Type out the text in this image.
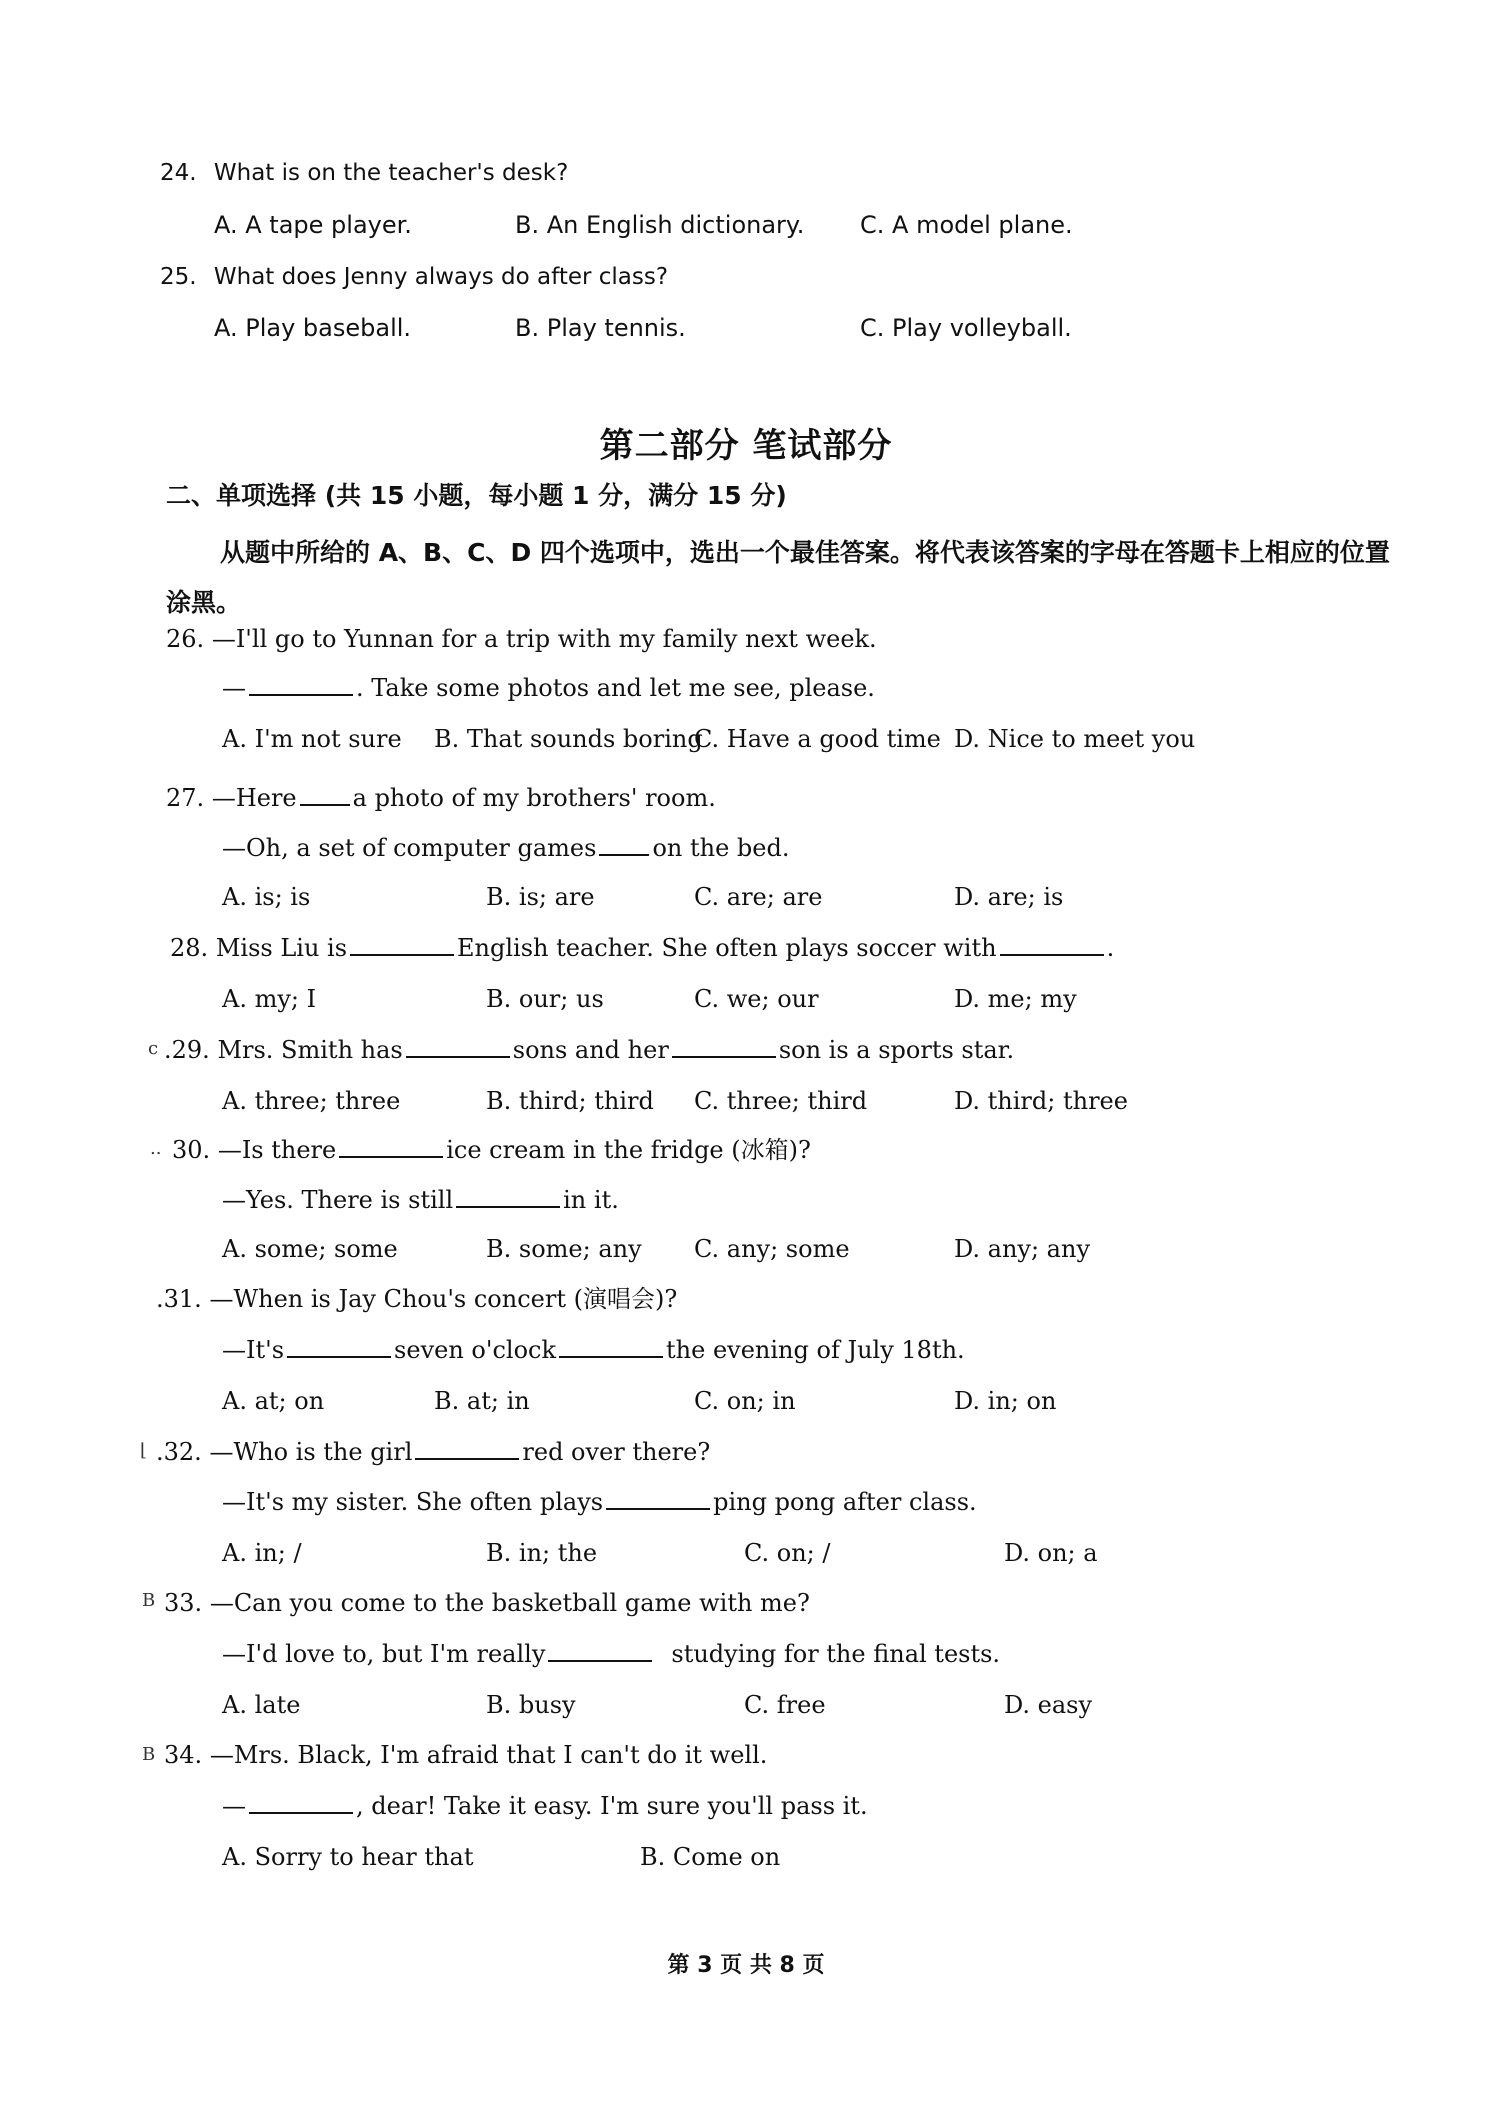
24. What is on the teacher's desk?
A. A tape player.	B. An English dictionary. C. A model plane.
25. What does Jenny always do after class?
A. Play baseball.	B. Play tennis.	C. Play volleyball.
第二部分 笔试部分
二、单项选择 (共 15 小题，每小题 1 分，满分 15 分)
从题中所给的 A、B、C、D 四个选项中，选出一个最佳答案。将代表该答案的字母在答题卡上相应的位置涂黑。
26. —I'll go to Yunnan for a trip with my family next week.
—	. Take some photos and let me see, please.
A. I'm not sure B. That sounds boring
C. Have a good time D. Nice to meet you
27. —Here a photo of my brothers' room.
—Oh, a set of computer games on the bed.
A. is; is	B. is; are	C. are; are	D. are; is
28. Miss Liu is	English teacher. She often plays soccer with	.
A. my; I	B. our; us	C. we; our	D. me; my
c .29. Mrs. Smith has	sons and her	son is a sports star.
A. three; three	B. third; third C. three; third	D. third; three
.. 30. —Is there	ice cream in the fridge (冰箱)?
—Yes. There is still	in it.
A. some; some	B. some; any C. any; some	D. any; any
.31. —When is Jay Chou's concert (演唱会)?
—It's	seven o'clock	the evening of July 18th.
A. at; on	B. at; in	C. on; in	D. in; on
⌊ .32. —Who is the girl	red over there?
—It's my sister. She often plays	ping pong after class.
A. in; /	B. in; the	C. on; /	D. on; a
B 33. —Can you come to the basketball game with me?
—I'd love to, but I'm really	studying for the final tests.
A. late	B. busy	C. free	D. easy
B 34. —Mrs. Black, I'm afraid that I can't do it well.
—	, dear! Take it easy. I'm sure you'll pass it.
A. Sorry to hear that	B. Come on
第 3 页 共 8 页
